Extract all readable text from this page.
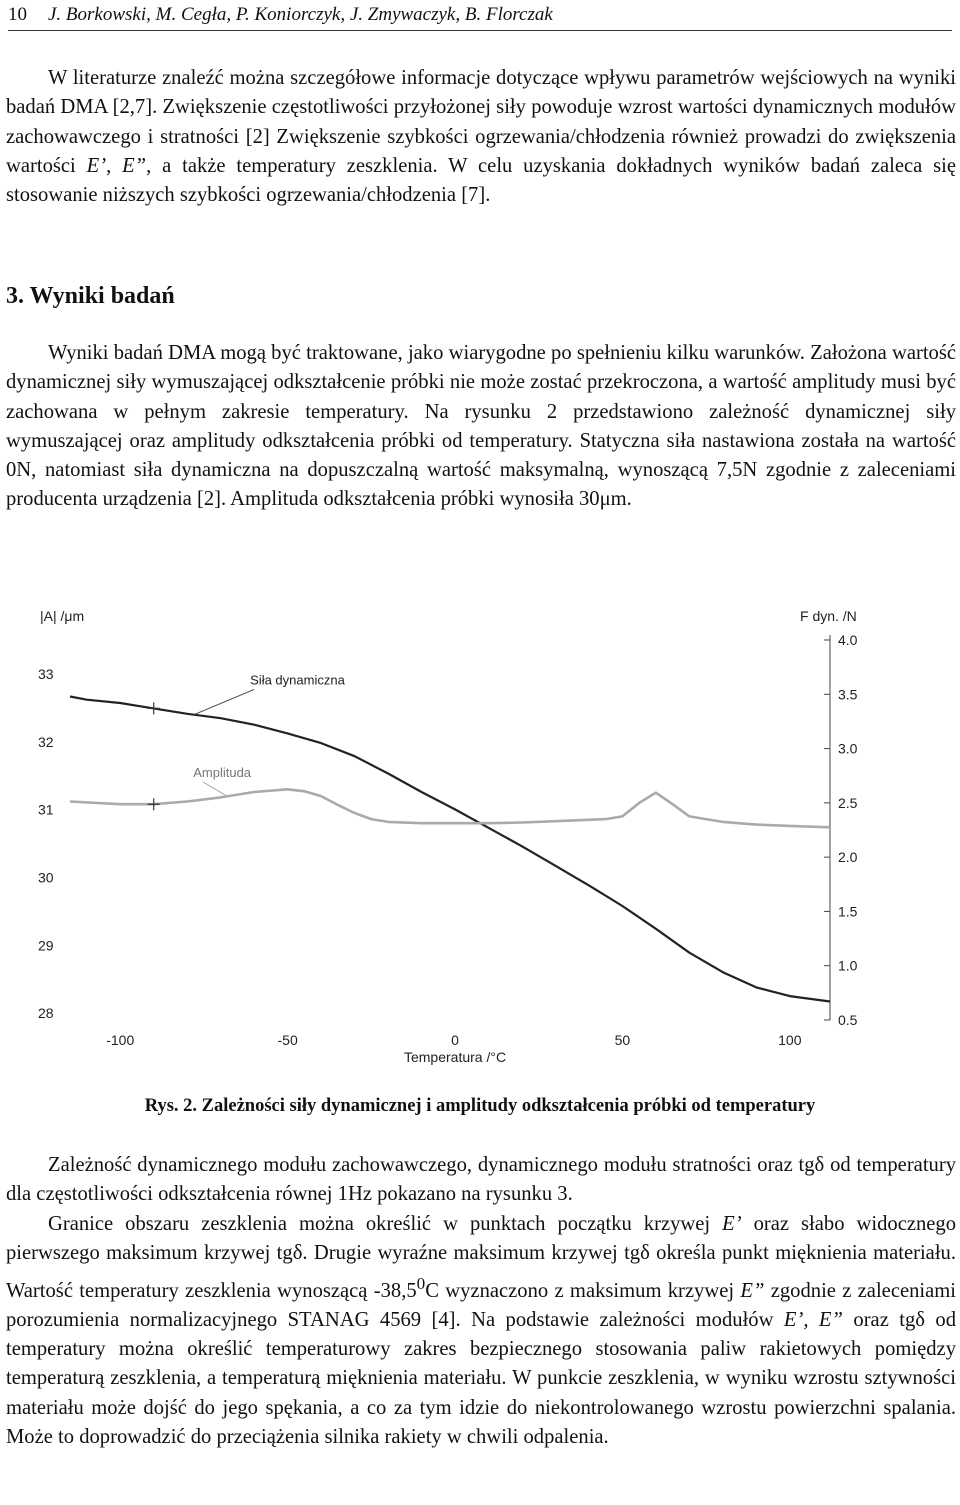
10 J. Borkowski, M. Cegła, P. Koniorczyk, J. Zmywaczyk, B. Florczak

W literaturze znaleźć można szczegółowe informacje dotyczące wpływu parametrów wejściowych na wyniki badań DMA [2,7]. Zwiększenie częstotliwości przyłożonej siły powoduje wzrost wartości dynamicznych modułów zachowawczego i stratności [2] Zwiększenie szybkości ogrzewania/chłodzenia również prowadzi do zwiększenia wartości E’, E”, a także temperatury zeszklenia. W celu uzyskania dokładnych wyników badań zaleca się stosowanie niższych szybkości ogrzewania/chłodzenia [7].

3. Wyniki badań

Wyniki badań DMA mogą być traktowane, jako wiarygodne po spełnieniu kilku warunków. Założona wartość dynamicznej siły wymuszającej odkształcenie próbki nie może zostać przekroczona, a wartość amplitudy musi być zachowana w pełnym zakresie temperatury. Na rysunku 2 przedstawiono zależność dynamicznej siły wymuszającej oraz amplitudy odkształcenia próbki od temperatury. Statyczna siła nastawiona została na wartość 0N, natomiast siła dynamiczna na dopuszczalną wartość maksymalną, wynoszącą 7,5N zgodnie z zaleceniami producenta urządzenia [2]. Amplituda odkształcenia próbki wynosiła 30μm.

|A| /μm	F dyn. /N
Temperatura /°C
28
29
30
31
32
33
0.5
1.0
1.5
2.0
2.5
3.0
3.5
4.0
-100	-50	0	50	100
Siła dynamiczna
Amplituda
Rys. 2. Zależności siły dynamicznej i amplitudy odkształcenia próbki od temperatury

Zależność dynamicznego modułu zachowawczego, dynamicznego modułu stratności oraz tgδ od temperatury dla częstotliwości odkształcenia równej 1Hz pokazano na rysunku 3.

Granice obszaru zeszklenia można określić w punktach początku krzywej E’ oraz słabo widocznego pierwszego maksimum krzywej tgδ. Drugie wyraźne maksimum krzywej tgδ określa punkt mięknienia materiału. Wartość temperatury zeszklenia wynoszącą -38,5$^0$C wyznaczono z maksimum krzywej E” zgodnie z zaleceniami porozumienia normalizacyjnego STANAG 4569 [4]. Na podstawie zależności modułów E’, E” oraz tgδ od temperatury można określić temperaturowy zakres bezpiecznego stosowania paliw rakietowych pomiędzy temperaturą zeszklenia, a temperaturą mięknienia materiału. W punkcie zeszklenia, w wyniku wzrostu sztywności materiału może dojść do jego spękania, a co za tym idzie do niekontrolowanego wzrostu powierzchni spalania. Może to doprowadzić do przeciążenia silnika rakiety w chwili odpalenia.
